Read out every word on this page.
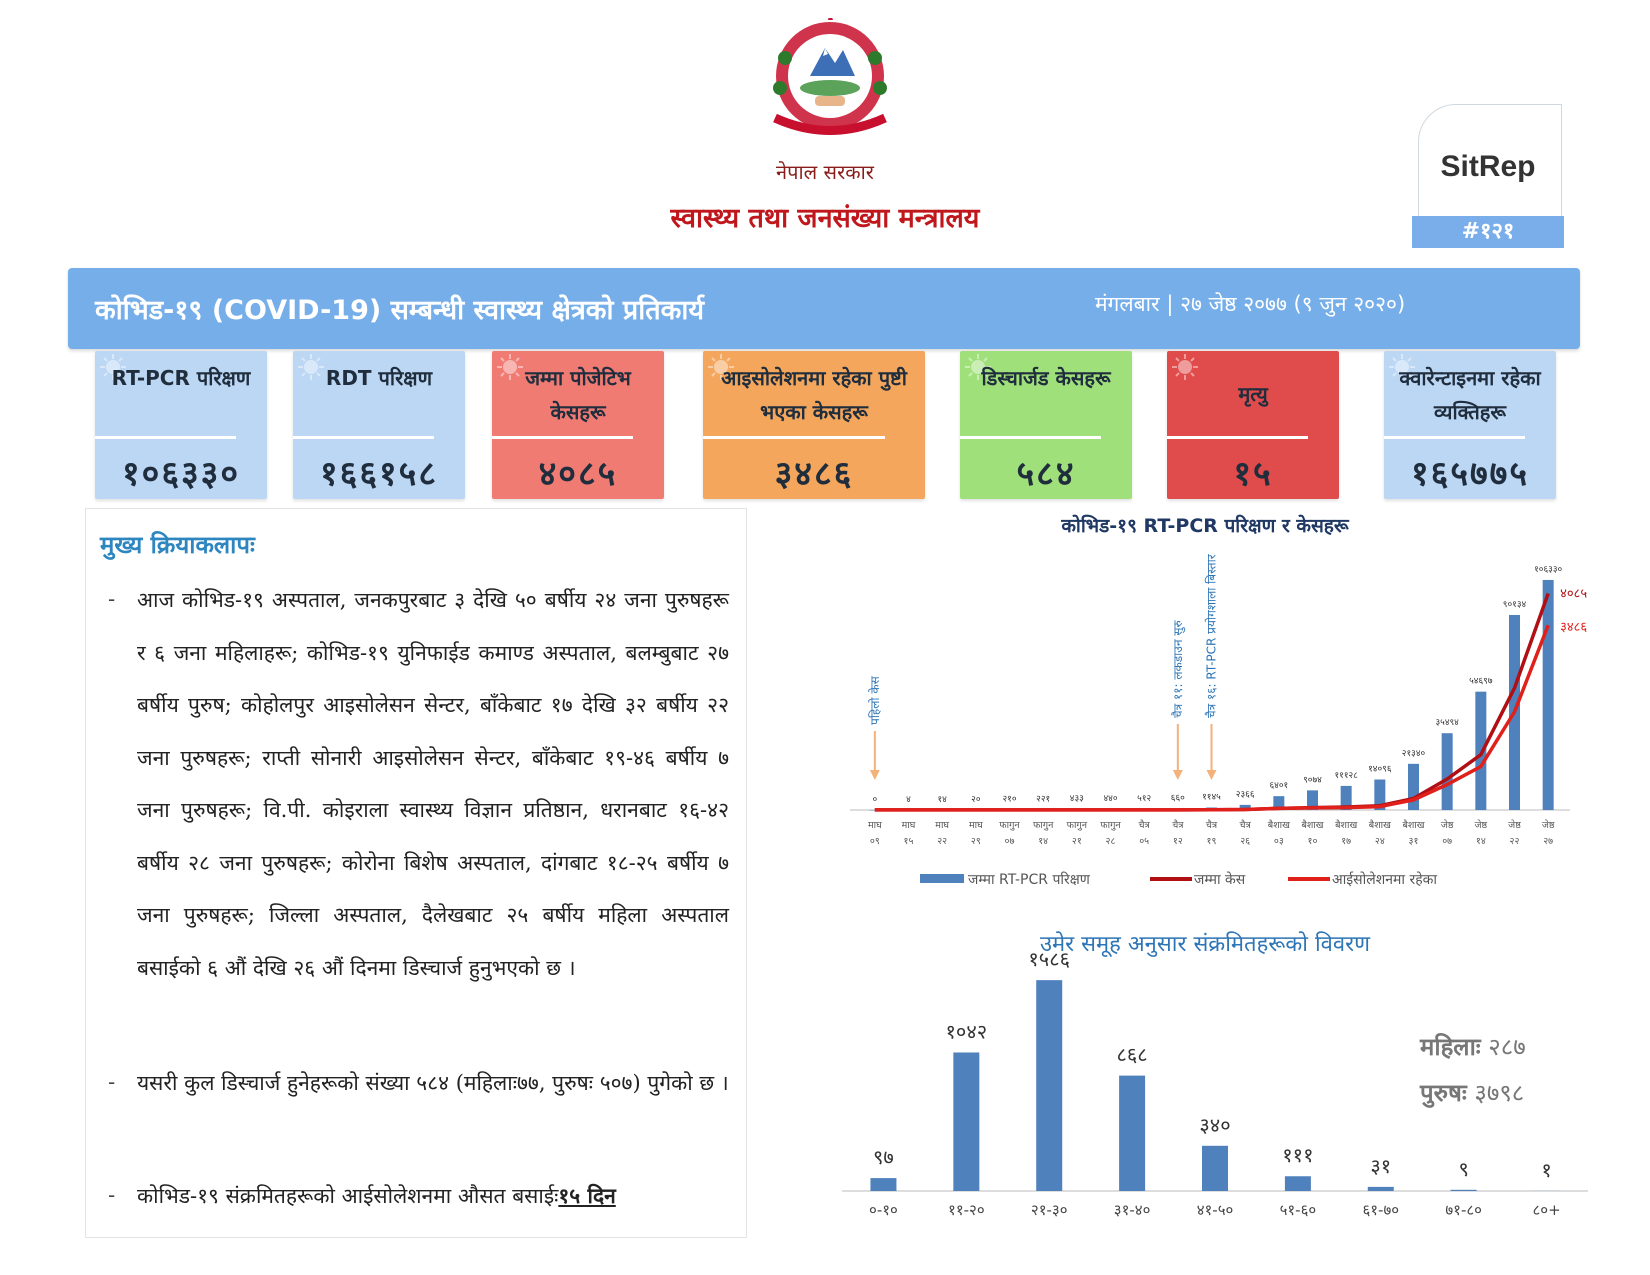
नेपाल सरकार
स्वास्थ्य तथा जनसंख्या मन्त्रालय
SitRep
#१२१
कोभिड-१९ (COVID-19) सम्बन्धी स्वास्थ्य क्षेत्रको प्रतिकार्य	मंगलबार | २७ जेष्ठ २०७७ (९ जुन २०२०)
RT-PCR परिक्षण
१०६३३०
RDT परिक्षण
१६६१५८
जम्मा पोजेटिभ केसहरू
४०८५
आइसोलेशनमा रहेका पुष्टी भएका केसहरू
३४८६
डिस्चार्जड केसहरू
५८४
मृत्यु
१५
क्वारेन्टाइनमा रहेका व्यक्तिहरू
१६५७७५
मुख्य क्रियाकलापः
- आज कोभिड-१९ अस्पताल, जनकपुरबाट ३ देखि ५० बर्षीय २४ जना पुरुषहरू र ६ जना महिलाहरू; कोभिड-१९ युनिफाईड कमाण्ड अस्पताल, बलम्बुबाट २७ बर्षीय पुरुष; कोहोलपुर आइसोलेसन सेन्टर, बाँकेबाट १७ देखि ३२ बर्षीय २२ जना पुरुषहरू; राप्ती सोनारी आइसोलेसन सेन्टर, बाँकेबाट १९-४६ बर्षीय ७ जना पुरुषहरू; वि.पी. कोइराला स्वास्थ्य विज्ञान प्रतिष्ठान, धरानबाट १६-४२ बर्षीय २८ जना पुरुषहरू; कोरोना बिशेष अस्पताल, दांगबाट १८-२५ बर्षीय ७ जना पुरुषहरू; जिल्ला अस्पताल, दैलेखबाट २५ बर्षीय महिला अस्पताल बसाईको ६ औं देखि २६ औं दिनमा डिस्चार्ज हुनुभएको छ ।
- यसरी कुल डिस्चार्ज हुनेहरूको संख्या ५८४ (महिलाः७७, पुरुषः ५०७) पुगेको छ ।
- कोभिड-१९ संक्रमितहरूको आईसोलेशनमा औसत बसाईः१५ दिन
कोभिड-१९ RT-PCR परिक्षण र केसहरू
०
माघ
०९
४
माघ
१५
१४
माघ
२२
२०
माघ
२९
२१०
फागुन
०७
२२१
फागुन
१४
४३३
फागुन
२१
४४०
फागुन
२८
५१२
चैत्र
०५
६६०
चैत्र
१२
११४५
चैत्र
१९
२३६६
चैत्र
२६
६४०१
बैशाख
०३
९०७४
बैशाख
१०
१११२८
बैशाख
१७
१४०९६
बैशाख
२४
२१३४०
बैशाख
३१
३५४९४
जेष्ठ
०७
५४६९७
जेष्ठ
१४
९०१३४
जेष्ठ
२२
१०६३३०
जेष्ठ
२७
४०८५
३४८६
पहिलो केस	चैत्र ११: लकडाउन सुरु चैत्र १६: RT-PCR प्रयोगशाला बिस्तार
जम्मा RT-PCR परिक्षण	जम्मा केस	आईसोलेशनमा रहेका
उमेर समूह अनुसार संक्रमितहरूको विवरण
९७
०-१०
१०४२
११-२०
१५८६
२१-३०
८६८
३१-४०
३४०
४१-५०
१११
५१-६०
३१
६१-७०
९
७१-८०
१
८०+
महिलाः २८७
पुरुषः ३७९८
